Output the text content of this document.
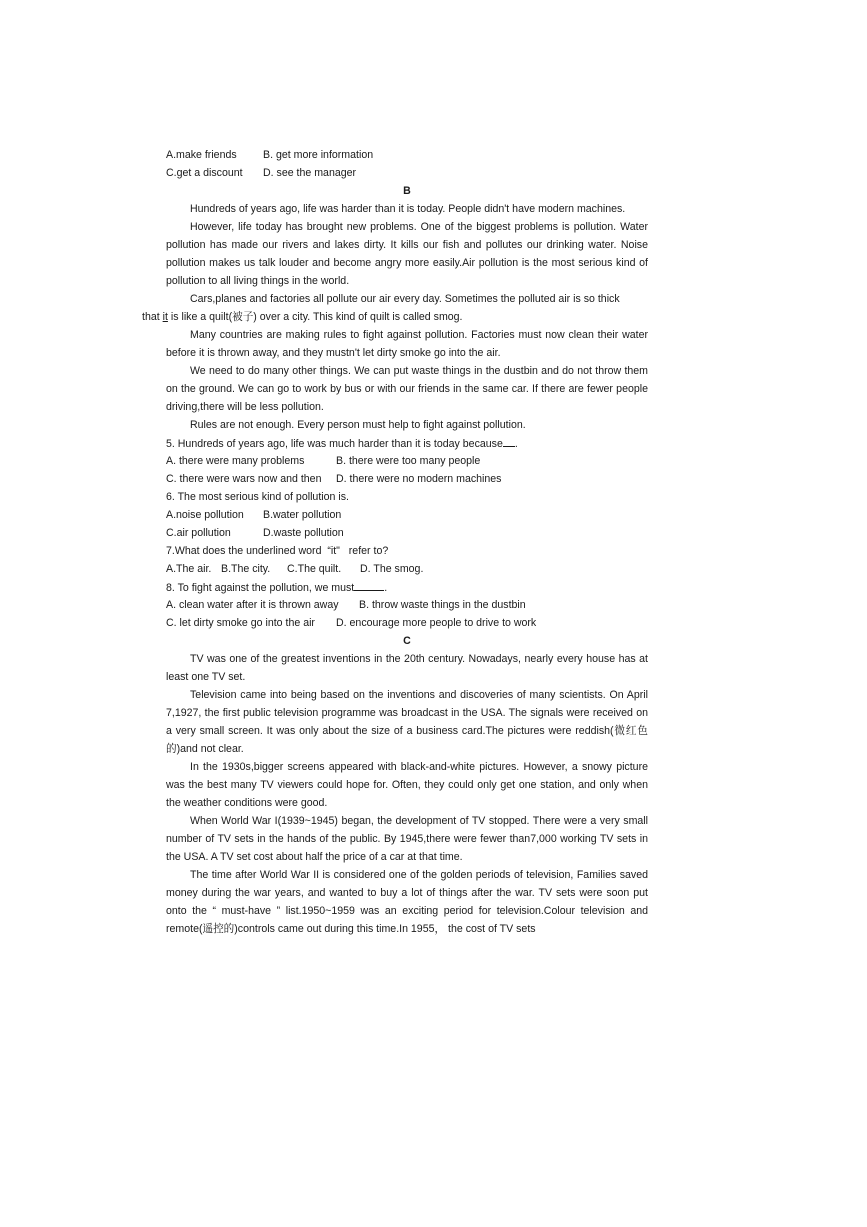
A.make friends B. get more information
C.get a discount D. see the manager
B

Hundreds of years ago, life was harder than it is today. People didn't have modern machines.

However, life today has brought new problems. One of the biggest problems is pollution. Water pollution has made our rivers and lakes dirty. It kills our fish and pollutes our drinking water. Noise pollution makes us talk louder and become angry more easily.Air pollution is the most serious kind of pollution to all living things in the world.

Cars,planes and factories all pollute our air every day. Sometimes the polluted air is so thick
that it is like a quilt(被子) over a city. This kind of quilt is called smog.

Many countries are making rules to fight against pollution. Factories must now clean their water before it is thrown away, and they mustn't let dirty smoke go into the air.

We need to do many other things. We can put waste things in the dustbin and do not throw them on the ground. We can go to work by bus or with our friends in the same car. If there are fewer people driving,there will be less pollution.

Rules are not enough. Every person must help to fight against pollution.

5. Hundreds of years ago, life was much harder than it is today because .
A. there were many problems	B. there were too many people
C. there were wars now and then D. there were no modern machines
6. The most serious kind of pollution is.
A.noise pollution B.water pollution
C.air pollution	D.waste pollution
7.What does the underlined word  “it"   refer to?
A.The air. B.The city. C.The quilt. D. The smog.
8. To fight against the pollution, we must	.
A. clean water after it is thrown away B. throw waste things in the dustbin
C. let dirty smoke go into the air D. encourage more people to drive to work
C

TV was one of the greatest inventions in the 20th century. Nowadays, nearly every house has at least one TV set.

Television came into being based on the inventions and discoveries of many scientists. On April 7,1927, the first public television programme was broadcast in the USA. The signals were received on a very small screen. It was only about the size of a business card.The pictures were reddish(微红色的)and not clear.

In the 1930s,bigger screens appeared with black-and-white pictures. However, a snowy picture was the best many TV viewers could hope for. Often, they could only get one station, and only when the weather conditions were good.

When World War I(1939~1945) began, the development of TV stopped. There were a very small number of TV sets in the hands of the public. By 1945,there were fewer than7,000 working TV sets in the USA. A TV set cost about half the price of a car at that time.

The time after World War II is considered one of the golden periods of television, Families saved money during the war years, and wanted to buy a lot of things after the war. TV sets were soon put onto the “ must-have ” list.1950~1959 was an exciting period for television.Colour television and remote(遥控的)controls came out during this time.In 1955， the cost of TV sets
